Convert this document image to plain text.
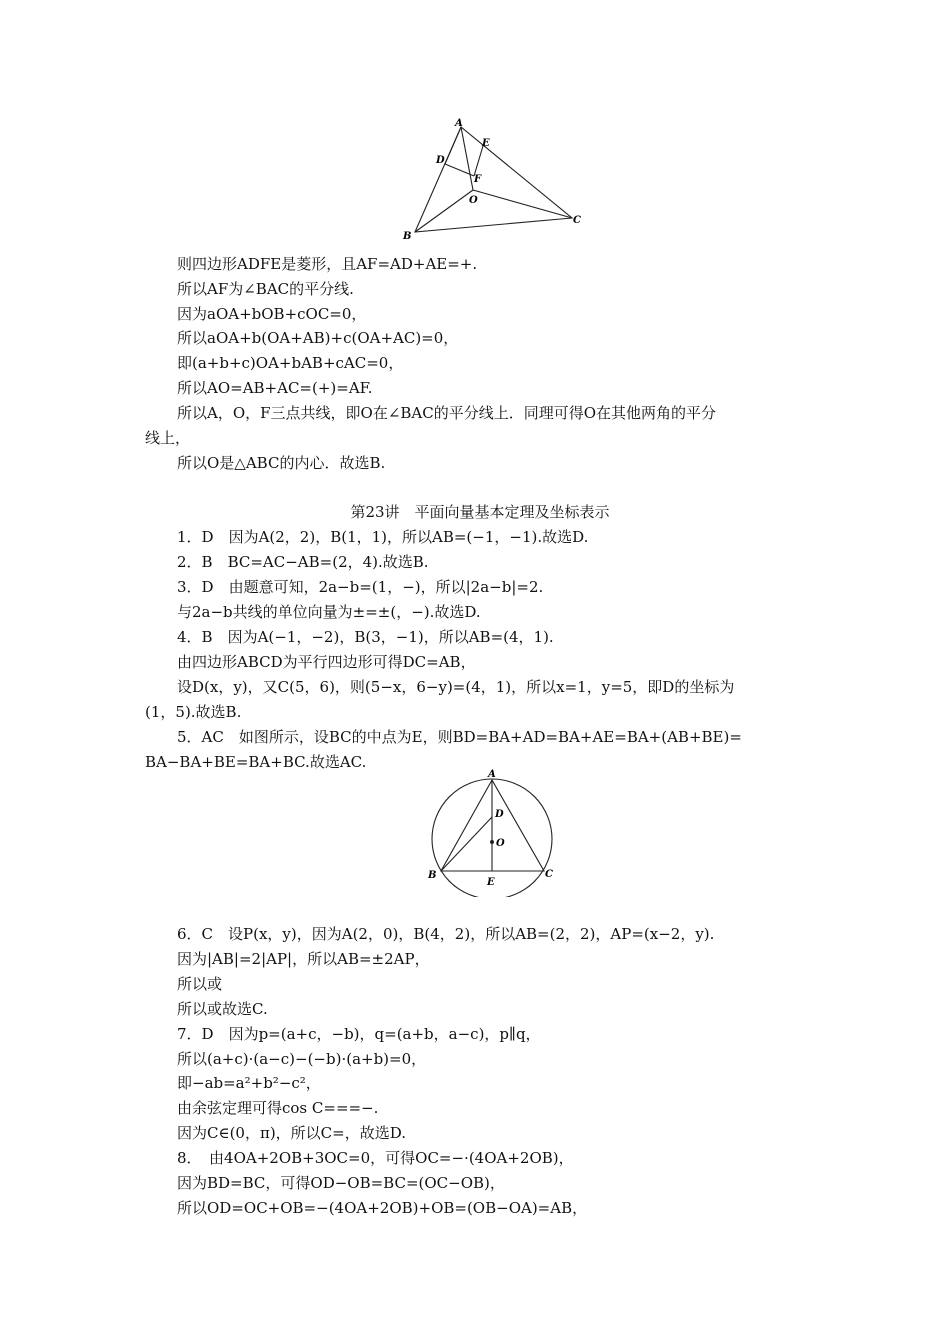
A
E
D
F
O
B
C
则四边形ADFE是菱形，且AF=AD+AE=+.
所以AF为∠BAC的平分线.
因为aOA+bOB+cOC=0，
所以aOA+b(OA+AB)+c(OA+AC)=0，
即(a+b+c)OA+bAB+cAC=0，
所以AO=AB+AC=(+)=AF.
所以A，O，F三点共线，即O在∠BAC的平分线上．同理可得O在其他两角的平分
线上，
所以O是△ABC的内心．故选B.
第23讲　平面向量基本定理及坐标表示
1．D　因为A(2，2)，B(1，1)，所以AB=(−1，−1).故选D.
2．B　BC=AC−AB=(2，4).故选B.
3．D　由题意可知，2a−b=(1，−)，所以|2a−b|=2.
与2a−b共线的单位向量为±=±(，−).故选D.
4．B　因为A(−1，−2)，B(3，−1)，所以AB=(4，1).
由四边形ABCD为平行四边形可得DC=AB，
设D(x，y)，又C(5，6)，则(5−x，6−y)=(4，1)，所以x=1，y=5，即D的坐标为
(1，5).故选B.
5．AC　如图所示，设BC的中点为E，则BD=BA+AD=BA+AE=BA+(AB+BE)=
BA−BA+BE=BA+BC.故选AC.
A
D
O
B
E
C
6．C　设P(x，y)，因为A(2，0)，B(4，2)，所以AB=(2，2)，AP=(x−2，y).
因为|AB|=2|AP|，所以AB=±2AP，
所以或
所以或故选C.
7．D　因为p=(a+c，−b)，q=(a+b，a−c)，p∥q，
所以(a+c)·(a−c)−(−b)·(a+b)=0，
即−ab=a²+b²−c²，
由余弦定理可得cos C===−.
因为C∈(0，π)，所以C=，故选D.
8．　由4OA+2OB+3OC=0，可得OC=−·(4OA+2OB)，
因为BD=BC，可得OD−OB=BC=(OC−OB)，
所以OD=OC+OB=−(4OA+2OB)+OB=(OB−OA)=AB，
